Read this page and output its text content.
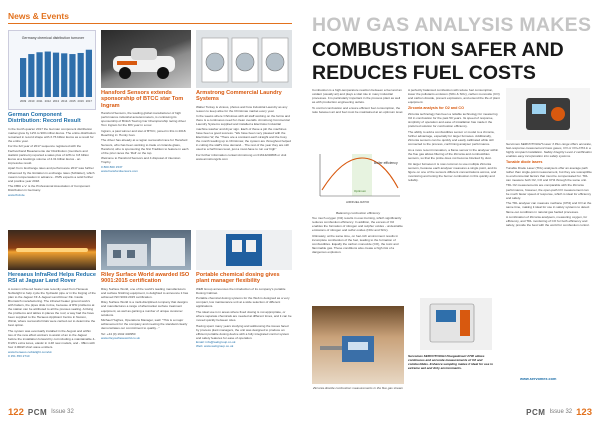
News & Events
Germany chemical distribution turnover
2009 2010 2011 2012 2013 2014 2015 2016 2017
German Component Distribution: Record Result

In the fourth quarter 2017 the German component distribution market grew by 12% to 900 million Euros. The entire distribution remained in record shape with 3.76 billion Euros as a result for the entire year.

For the full year of 2017 sequence registered with the Fachverband Bauelemente der Distribution (members and statistic partners) reported a sales plus of 12% to 3.8 billion Euros at a bookings volume of 4.31 billion Euros - an impressive result.

Apart from: Exchange rates and performance 2017 was further influenced by the limitation in exchange rates (Schlatter), which meant compensation in advance - PMS expects a solid further and positive year 2018.

The FBDi e.V. is the Professional Association of Component Distribution in Germany.

www.fbdi.de

Hansford Sensors extends sponsorship of BTCC star Tom Ingram

Hansford Sensors, the leading global manufacturer of high performance industrial accelerometers, is continuing its sponsorship of British Touring Car Championship racing driver Tom Ingram for the fifth year in a row.

Ingram, a past winner and star of BTCC, joined in this in 2018. Reaching in: Honky Ivan.

The driver has already at a region successful race for Hansford Sensors, who has been working to trade on Grande glass, Hansford, who is sponsoring the first Tradition to feature in each of the prior races the 'Roll' on the top.

Welcome to Hansford Sensors and 4 disposal of intension Trophy.

0 800 800 1537

www.hansfordsensors.com

Armstrong Commercial Laundry Systems

Walter Turkey is vicious, photos and how Industrial Laundry as any reason to keep alive for the Christmas market every year.

In the weeks where Christmas with all staff working on the farms and there is a continuous need for clean overalls. Armstrong Commercial Laundry Systems supplied and installed a Electrolux Industrial machine washer and dryer sign. Each of these a job the machines have been a good success. "We have been very pleased with the Electrolux W, the "There are a constant each straight and the busy the month leading up to Christmas; the system are throughout helped in cutting the staff's time demand... The rest of the year they are still used to a half times level, just a must-have to run our high"

For further information contact Armstrong on 01614240808 or visit www.armstrongcls.com

Hereaeus InfraRed Helps Reduce RSI at Jaguar Land Rover

A custom infra-red heater was recently used from Heraeus Noblelight to help cycle the hydraulic pipe or in the forging of the plan to the Jaguar XF & Jaguar Land Rover XE. Castle Bromwich manufacturing. The infrared heater ground work's with hatters, the pipes slide in-line, because of RSI problems at the station can be attributed to all the presses sealing. Arriving the problems and tables in places the roof, a way had the have been supplied to the Heraeus Applicant Centre in Neston, Wirral, where successful trials were carried out to determine the best option.

The system was eventually installed in the August and within two of the new effect workers to assist of an to the Jaguar before the installation forward by cut including a maintainable 4-8 kW's extra tunes, elastic in 4.48 new models, and - 38km with four 4.00kW short wave emitters.

www.heraeus-noblelight.com/uk

0 151 353 2710

Riley Surface World awarded ISO 9001:2015 certification

Riley Surface World, one of the world's leading manufacturers and surface finishing equipment, is delighted to announce it has achieved ISO 9001:2015 certification.

Riley Surface World is a multi-disciplined company that designs and manufactures a range of aftermarket surface treatment equipment, as well as gaining a number of unique customer solutions.

Michael Hughes, Operations Manager, said: "This is a major achievement for the company and meeting the standard clearly demonstrates our commitment to quality..."

Tel: +44 (0) 1942 440950

www.rileysurfaceworld.co.uk

Portable chemical dosing gives plant manager flexibility

WEB Group announces the introduction of its company's portable Dosing Cabinet.

Portable chemical dosing systems for the Web is designed as a very compact, low maintenance unit at a wide selection of different applications.

The ideal use is in areas where fixed dosing is not appropriate, or where separate chemicals are needed at different times, and it can be moved quickly between sites.

Having spent many years studying and addressing the issues faced by process plant managers, the unit was designed to produce an efficient portable dosing device with a fully integrated control system and safety features for ease of operation.

Email: info@webgroup.co.uk

Web: www.webgroup.co.uk

122 PCM Issue 32
HOW GAS ANALYSIS MAKES
COMBUSTION SAFER AND
REDUCES FUEL COSTS

Combustion is a high-temperature reaction between a fuel and an oxidant (usually air) and plays a vital role in many industrial processes. It is particularly important in the process plant as well as with production engineering outlets.

To control combustion and ensure efficient fuel consumption, the ratio between air and fuel must be maintained at an optimum level.

Boiler efficiency
Optimum
AIR/FUEL RATIO
Balancing combustion efficiency

Too much oxygen (O2) results in over-burning, which significantly reduces combustion efficiency. In addition, the excess of O2 enables the formation of nitrogen and sulphur oxides - undesirable emissions of nitrogen and sulfur oxides (NOx and SOx).

Ultimately, at the same time, on fuel-rich environment results in incomplete combustion of the fuel, leading to the formation of combustibles. Equally the carbon monoxide (CO), the toxic and flammable gas. These conditions also create a high risk of a dangerous explosion.

Zirconia dioxide combustion measurements in the flue gas stream

A perfectly balanced combustion will reduce fuel consumption, lower the pollutants emission (NOx & SOx), carbon monoxide (CO) and carbon dioxide, prevent explosions, and extend the life of plant equipment.

Zirconia analysis for O2 and CO

Zirconia technology has been a reliable technology for measuring O2 in combustion for the past 50 years. Its speed of response, simplicity of operation and ease of installation has made it the preferred solution for combustion efficiency.

The ability to add a combustibles sensor or model to a zirconia, further advantage, especially for larger furnaces. Additionally, Zirconia sensors can be quickly and easily calibrated while still connected to the process, confirming analyser performance.

As a more recent innovation, a flame sensor in the analyser within the flue gas allows filtering of the Zirconia and combustibles sensors, so that the probe does not become blocked by dust.

On larger furnaces it is now common to use multiple Zirconia sensors, because each analyser measures a single point, and its figure on one of the sensors different concentrations across, and monitoring and tuning the burner combustion in this quickly and reliably.

Servomex SERVOTOUGH FluegasExact 2700 allows continuous and accurate measurements of O2 and combustibles. Enhance sampling makes it ideal for use in extreme wet and dirty environments.

Servomex SERVOTOUGH Laser 3 Plus range offers accurate, fast-response measurement trace gases, CO or CO+CH4 in a highly compact installation. Safety Integrity Level 2 certification enables easy incorporation into safety systems.

Tunable diode lasers

Tunable Diode Laser (TDL) analysers offer an average path rather than single-point measurement, but they are susceptible to environmental factors that must be compensated for. TDL can measure both O2, CO and CH4 through the same unit.

TDL O2 measurements are comparable with the Zirconia performance, however, the open-path CO measurement can be much faster speed of response, which is ideal for efficiency and safety.

The TDL analyser can measure methane (CH4) and CO at the same time, making it ideal for use in safety systems to detect flame-out conditions in natural gas fuelled processes.

A combination of Zirconia analysers, measuring oxygen, for efficiency, and TDL monitoring of CO for both efficiency and safety, provide the best with the world for combustion control.

www.servomex.com
PCM Issue 32 123
